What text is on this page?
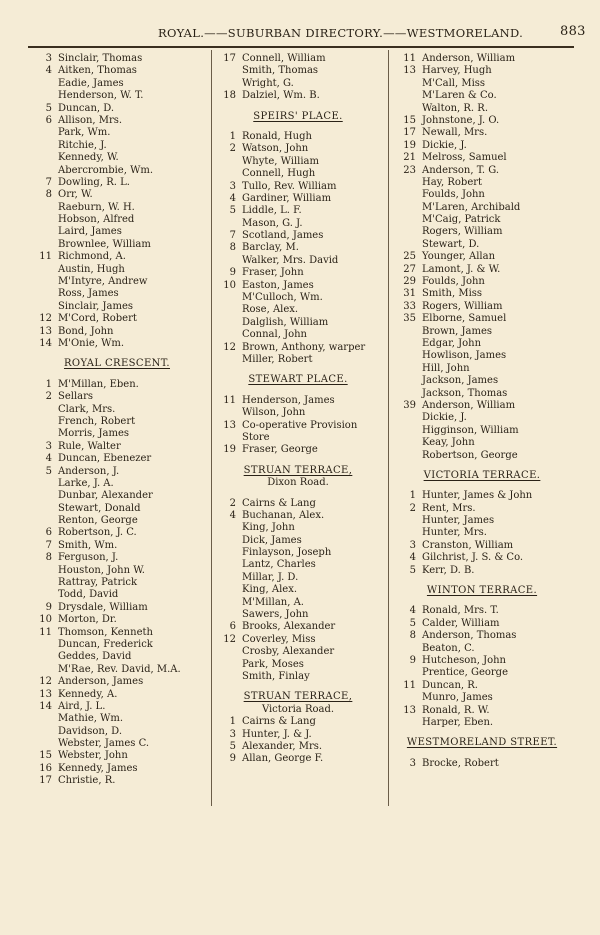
ROYAL.——SUBURBAN DIRECTORY.——WESTMORELAND.	883
3 Sinclair, Thomas
4 Aitken, Thomas
Eadie, James
Henderson, W. T.
5 Duncan, D.
6 Allison, Mrs.
Park, Wm.
Ritchie, J.
Kennedy, W.
Abercrombie, Wm.
7 Dowling, R. L.
8 Orr, W.
Raeburn, W. H.
Hobson, Alfred
Laird, James
Brownlee, William
11 Richmond, A.
Austin, Hugh
M'Intyre, Andrew
Ross, James
Sinclair, James
12 M'Cord, Robert
13 Bond, John
14 M'Onie, Wm.
ROYAL CRESCENT.
1 M'Millan, Eben.
2 Sellars
Clark, Mrs.
French, Robert
Morris, James
3 Rule, Walter
4 Duncan, Ebenezer
5 Anderson, J.
Larke, J. A.
Dunbar, Alexander
Stewart, Donald
Renton, George
6 Robertson, J. C.
7 Smith, Wm.
8 Ferguson, J.
Houston, John W.
Rattray, Patrick
Todd, David
9 Drysdale, William
10 Morton, Dr.
11 Thomson, Kenneth
Duncan, Frederick
Geddes, David
M'Rae, Rev. David, M.A.
12 Anderson, James
13 Kennedy, A.
14 Aird, J. L.
Mathie, Wm.
Davidson, D.
Webster, James C.
15 Webster, John
16 Kennedy, James
17 Christie, R.
17 Connell, William
Smith, Thomas
Wright, G.
18 Dalziel, Wm. B.
SPEIRS' PLACE.
1 Ronald, Hugh
2 Watson, John
Whyte, William
Connell, Hugh
3 Tullo, Rev. William
4 Gardiner, William
5 Liddle, L. F.
Mason, G. J.
7 Scotland, James
8 Barclay, M.
Walker, Mrs. David
9 Fraser, John
10 Easton, James
M'Culloch, Wm.
Rose, Alex.
Dalglish, William
Connal, John
12 Brown, Anthony, warper
Miller, Robert
STEWART PLACE.
11 Henderson, James
Wilson, John
13 Co-operative Provision
Store
19 Fraser, George
STRUAN TERRACE,
Dixon Road.
2 Cairns & Lang
4 Buchanan, Alex.
King, John
Dick, James
Finlayson, Joseph
Lantz, Charles
Millar, J. D.
King, Alex.
M'Millan, A.
Sawers, John
6 Brooks, Alexander
12 Coverley, Miss
Crosby, Alexander
Park, Moses
Smith, Finlay
STRUAN TERRACE,
Victoria Road.
1 Cairns & Lang
3 Hunter, J. & J.
5 Alexander, Mrs.
9 Allan, George F.
11 Anderson, William
13 Harvey, Hugh
M'Call, Miss
M'Laren & Co.
Walton, R. R.
15 Johnstone, J. O.
17 Newall, Mrs.
19 Dickie, J.
21 Melross, Samuel
23 Anderson, T. G.
Hay, Robert
Foulds, John
M'Laren, Archibald
M'Caig, Patrick
Rogers, William
Stewart, D.
25 Younger, Allan
27 Lamont, J. & W.
29 Foulds, John
31 Smith, Miss
33 Rogers, William
35 Elborne, Samuel
Brown, James
Edgar, John
Howlison, James
Hill, John
Jackson, James
Jackson, Thomas
39 Anderson, William
Dickie, J.
Higginson, William
Keay, John
Robertson, George
VICTORIA TERRACE.
1 Hunter, James & John
2 Rent, Mrs.
Hunter, James
Hunter, Mrs.
3 Cranston, William
4 Gilchrist, J. S. & Co.
5 Kerr, D. B.
WINTON TERRACE.
4 Ronald, Mrs. T.
5 Calder, William
8 Anderson, Thomas
Beaton, C.
9 Hutcheson, John
Prentice, George
11 Duncan, R.
Munro, James
13 Ronald, R. W.
Harper, Eben.
WESTMORELAND STREET.
3 Brocke, Robert
